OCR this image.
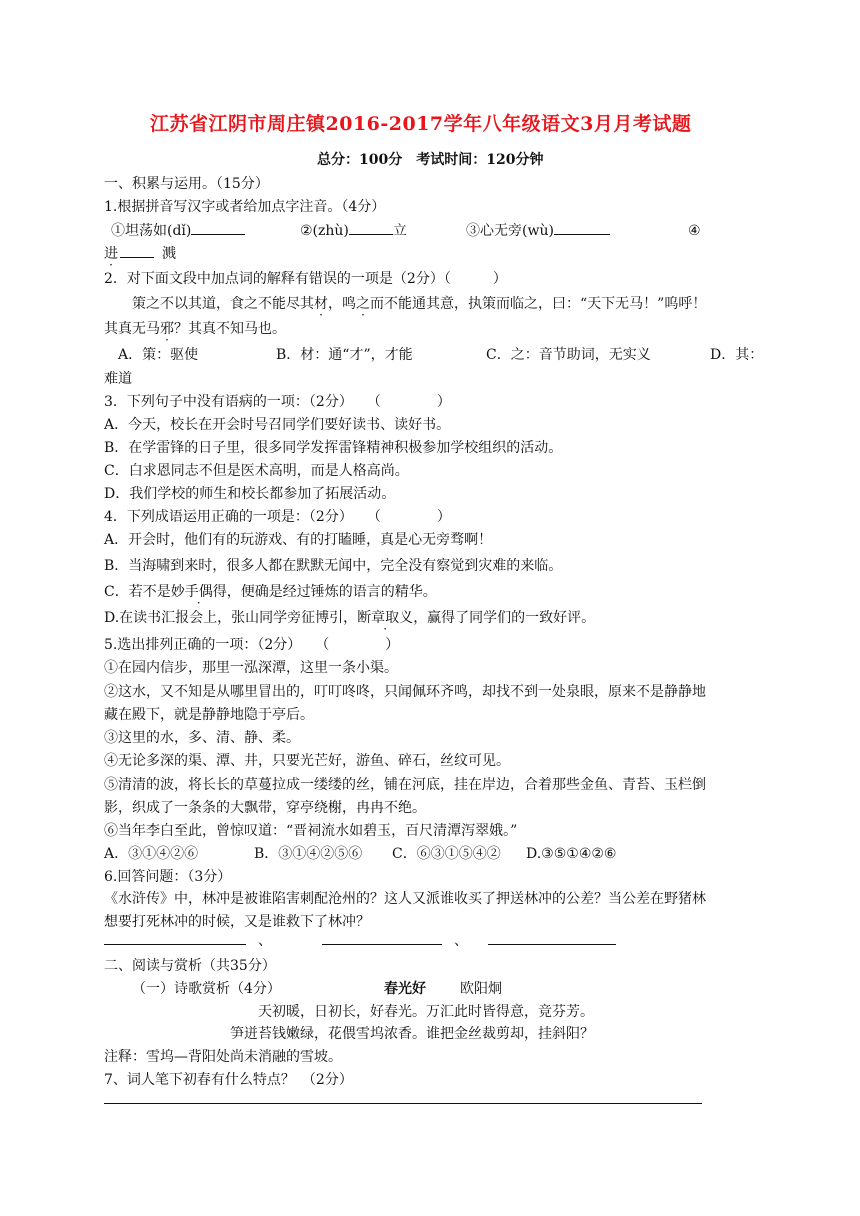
江苏省江阴市周庄镇2016-2017学年八年级语文3月月考试题
总分：100分　考试时间：120分钟
一、积累与运用。（15分）
1.根据拼音写汉字或者给加点字注音。（4分）
①坦荡如(dǐ)	②(zhù)	立	③心无旁(wù)	④
进	溅
2．对下面文段中加点词的解释有错误的一项是（2分）（　　　）
策之不以其道，食之不能尽其材，鸣之而不能通其意，执策而临之，曰：“天下无马！”呜呼！
其真无马邪？其真不知马也。
A．策：驱使	B．材：通“才”，才能	C．之：音节助词，无实义	D．其：
难道
3．下列句子中没有语病的一项：（2分）　　（　　　　）
A．今天，校长在开会时号召同学们要好读书、读好书。
B．在学雷锋的日子里，很多同学发挥雷锋精神积极参加学校组织的活动。
C．白求恩同志不但是医术高明，而是人格高尚。
D．我们学校的师生和校长都参加了拓展活动。
4．下列成语运用正确的一项是：（2分）　　（　　　　）
A．开会时，他们有的玩游戏、有的打瞌睡，真是心无旁骛啊！
B．当海啸到来时，很多人都在默默无闻中，完全没有察觉到灾难的来临。
C．若不是妙手偶得，便确是经过锤炼的语言的精华。
D.在读书汇报会上，张山同学旁征博引，断章取义，赢得了同学们的一致好评。
5.选出排列正确的一项：（2分）　　（　　　　）
①在园内信步，那里一泓深潭，这里一条小渠。
②这水，又不知是从哪里冒出的，叮叮咚咚，只闻佩环齐鸣，却找不到一处泉眼，原来不是静静地
藏在殿下，就是静静地隐于亭后。
③这里的水，多、清、静、柔。
④无论多深的渠、潭、井，只要光芒好，游鱼、碎石，丝纹可见。
⑤清清的波，将长长的草蔓拉成一缕缕的丝，铺在河底，挂在岸边，合着那些金鱼、青苔、玉栏倒
影，织成了一条条的大飘带，穿亭绕榭，冉冉不绝。
⑥当年李白至此，曾惊叹道：“晋祠流水如碧玉，百尺清潭泻翠娥。”
A．③①④②⑥	B．③①④②⑤⑥ C．⑥③①⑤④② D.③⑤①④②⑥
6.回答问题：（3分）
《水浒传》中，林冲是被谁陷害刺配沧州的？这人又派谁收买了押送林冲的公差？当公差在野猪林
想要打死林冲的时候，又是谁救下了林冲？
、	、
二、阅读与赏析（共35分）
（一）诗歌赏析（4分）	春光好 欧阳炯
天初暖，日初长，好春光。万汇此时皆得意，竞芬芳。
笋迸苔钱嫩绿，花偎雪坞浓香。谁把金丝裁剪却，挂斜阳？
注释：雪坞—背阳处尚未消融的雪坡。
7、词人笔下初春有什么特点？　（2分）
